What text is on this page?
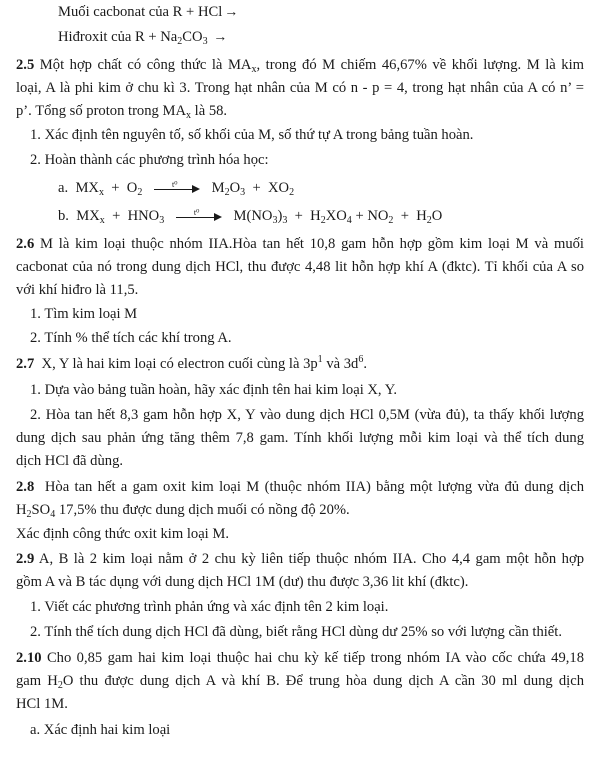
Muối cacbonat của R + HCl →
Hiđroxit của $R + Na_2CO_3$ →
2.5 Một hợp chất có công thức là $MA_x$, trong đó M chiếm 46,67% về khối lượng. M là kim
loại, A là phi kim ở chu kì 3. Trong hạt nhân của M có n - p = 4, trong hạt nhân của A có n’ =
p’. Tổng số proton trong $MA_x$ là 58.
1. Xác định tên nguyên tố, số khối của M, số thứ tự A trong bảng tuần hoàn.
2. Hoàn thành các phương trình hóa học:
a.  $MX_x + O_2$
t⁰ $M_2O_3 + XO_2$
b.  $MX_x + HNO_3$
t⁰ $M(NO_3)_3 + H_2XO_4 + NO_2 + H_2O$
2.6 M là kim loại thuộc nhóm IIA.Hòa tan hết 10,8 gam hỗn hợp gồm kim loại M và muối
cacbonat của nó trong dung dịch HCl, thu được 4,48 lit hỗn hợp khí A (đktc). Tỉ khối của A so
với khí hiđro là 11,5.
1. Tìm kim loại M
2. Tính % thể tích các khí trong A.
2.7 X, Y là hai kim loại có electron cuối cùng là $3p^1$ và $3d^6$.
1. Dựa vào bảng tuần hoàn, hãy xác định tên hai kim loại X, Y.
2. Hòa tan hết 8,3 gam hỗn hợp X, Y vào dung dịch HCl 0,5M (vừa đủ), ta thấy khối lượng
dung dịch sau phản ứng tăng thêm 7,8 gam. Tính khối lượng mỗi kim loại và thể tích dung
dịch HCl đã dùng.
2.8 Hòa tan hết a gam oxit kim loại M (thuộc nhóm IIA) bằng một lượng vừa đủ dung dịch
$H_2SO_4$ 17,5% thu được dung dịch muối có nồng độ 20%.
Xác định công thức oxit kim loại M.
2.9 A, B là 2 kim loại nằm ở 2 chu kỳ liên tiếp thuộc nhóm IIA. Cho 4,4 gam một hỗn hợp
gồm A và B tác dụng với dung dịch HCl 1M (dư) thu được 3,36 lit khí (đktc).
1. Viết các phương trình phản ứng và xác định tên 2 kim loại.
2. Tính thể tích dung dịch HCl đã dùng, biết rằng HCl dùng dư 25% so với lượng cần thiết.
2.10 Cho 0,85 gam hai kim loại thuộc hai chu kỳ kế tiếp trong nhóm IA vào cốc chứa 49,18
gam $H_2O$ thu được dung dịch A và khí B. Để trung hòa dung dịch A cần 30 ml dung dịch
HCl 1M.
a. Xác định hai kim loại
